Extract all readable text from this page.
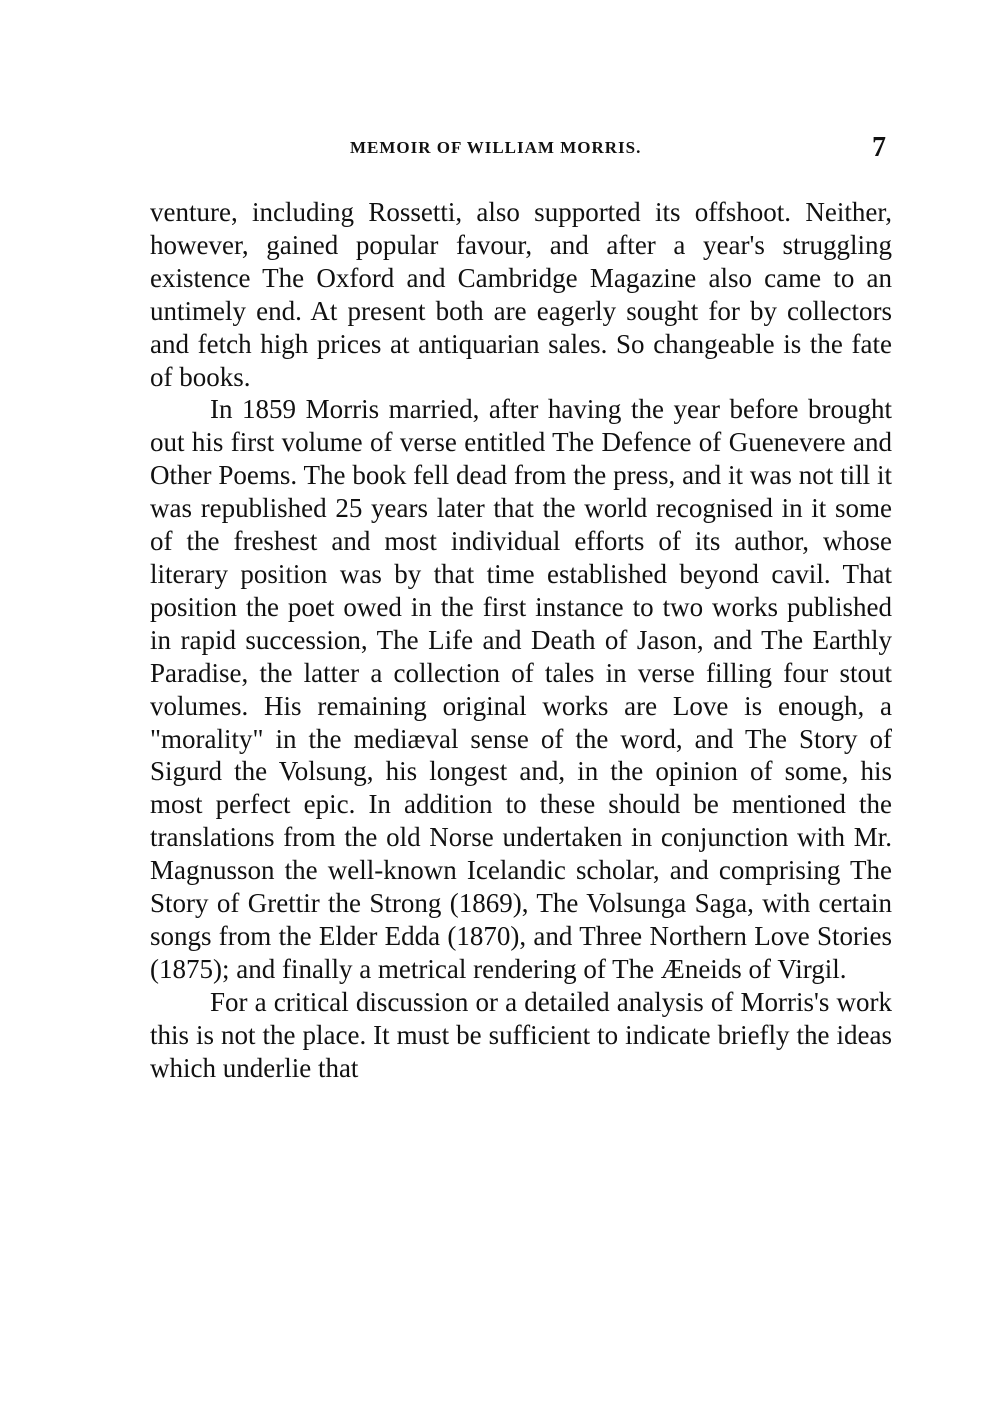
MEMOIR OF WILLIAM MORRIS.	7

venture, including Rossetti, also supported its offshoot. Neither, however, gained popular favour, and after a year's struggling existence The Oxford and Cambridge Magazine also came to an untimely end. At present both are eagerly sought for by collectors and fetch high prices at antiquarian sales. So changeable is the fate of books.

In 1859 Morris married, after having the year before brought out his first volume of verse entitled The Defence of Guenevere and Other Poems. The book fell dead from the press, and it was not till it was republished 25 years later that the world recognised in it some of the freshest and most individual efforts of its author, whose literary position was by that time established beyond cavil. That position the poet owed in the first instance to two works published in rapid succession, The Life and Death of Jason, and The Earthly Paradise, the latter a collection of tales in verse filling four stout volumes. His remaining original works are Love is enough, a "morality" in the mediæval sense of the word, and The Story of Sigurd the Volsung, his longest and, in the opinion of some, his most perfect epic. In addition to these should be mentioned the translations from the old Norse undertaken in conjunction with Mr. Magnusson the well-known Icelandic scholar, and comprising The Story of Grettir the Strong (1869), The Volsunga Saga, with certain songs from the Elder Edda (1870), and Three Northern Love Stories (1875); and finally a metrical rendering of The Æneids of Virgil.

For a critical discussion or a detailed analysis of Morris's work this is not the place. It must be sufficient to indicate briefly the ideas which underlie that
